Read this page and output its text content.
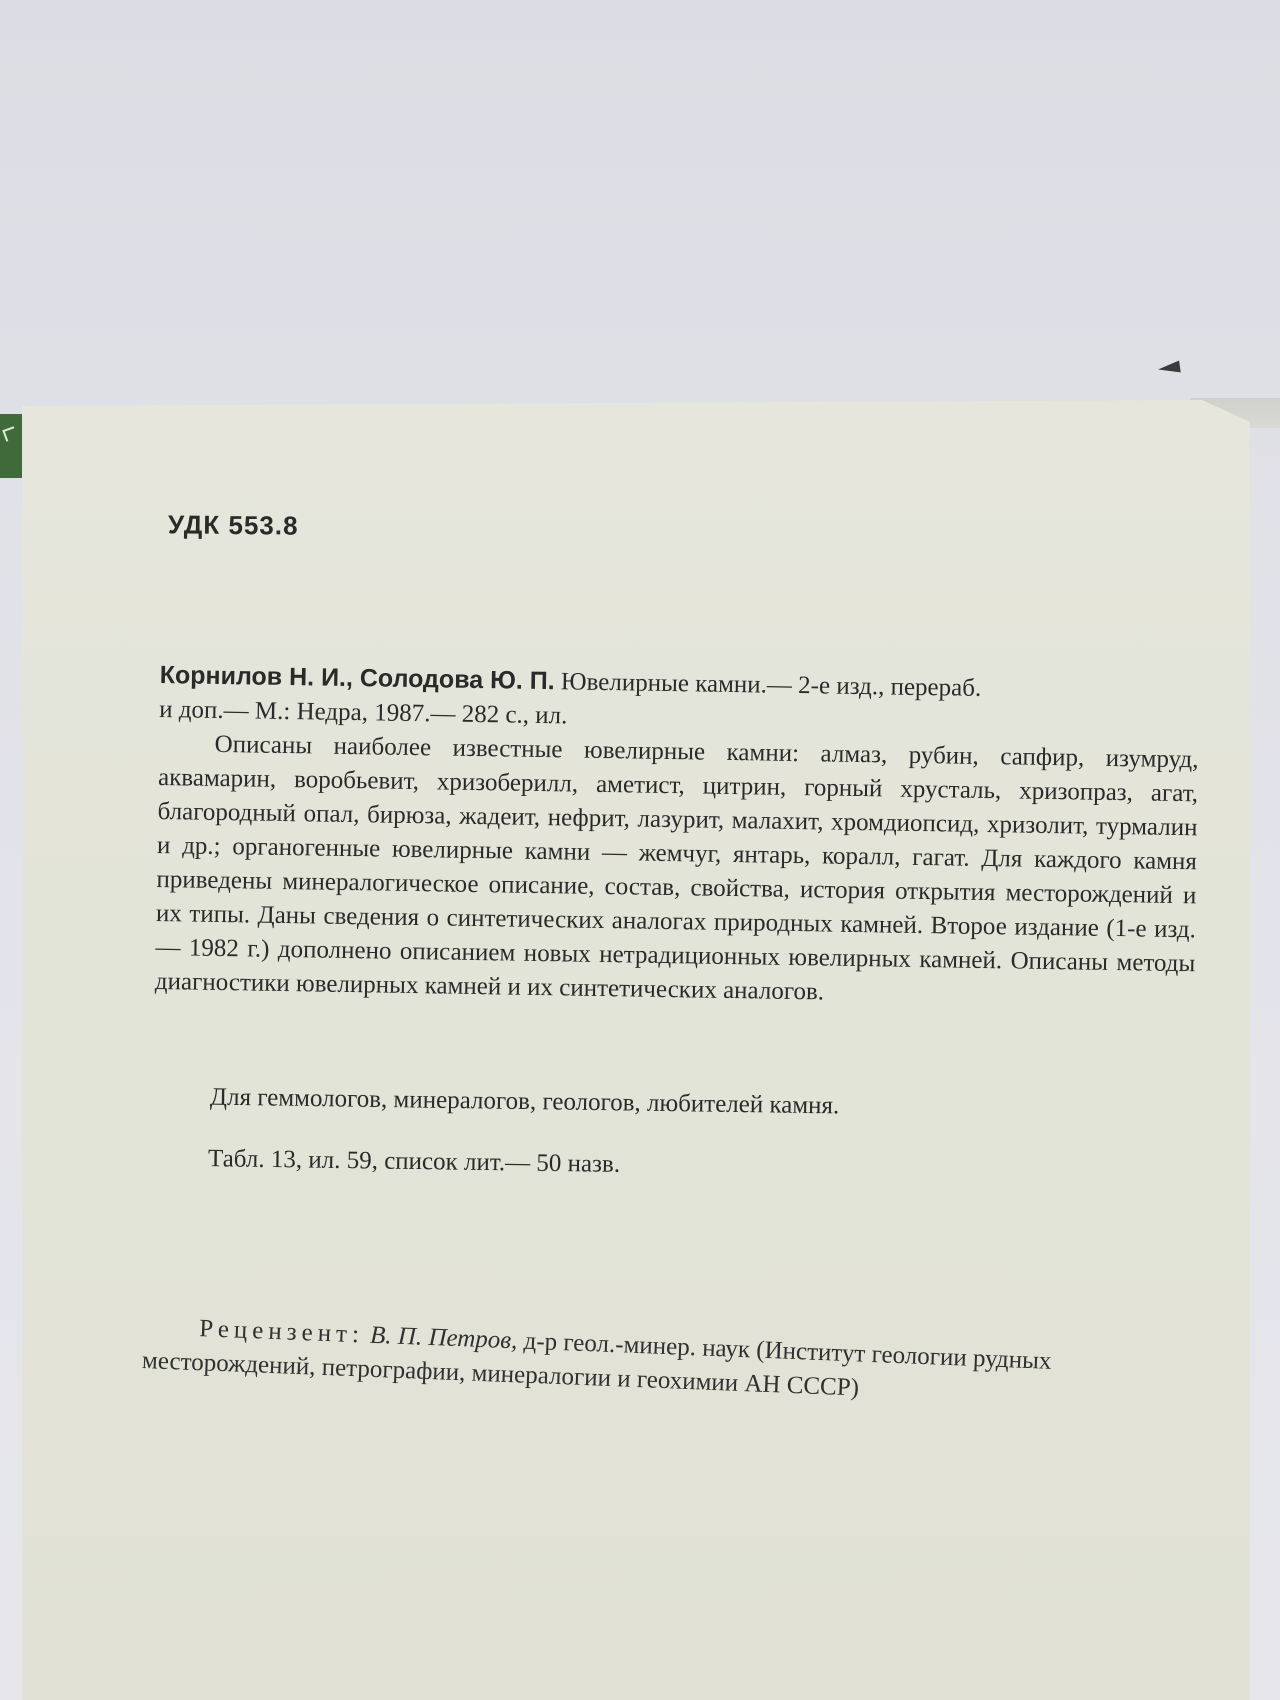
УДК 553.8

Корнилов Н. И., Солодова Ю. П. Ювелирные камни.— 2-е изд., перераб.

и доп.— М.: Недра, 1987.— 282 с., ил.

Описаны наиболее известные ювелирные камни: алмаз, рубин, сапфир, изумруд, аквамарин, воробьевит, хризоберилл, аметист, цитрин, горный хрусталь, хризопраз, агат, благородный опал, бирюза, жадеит, нефрит, лазурит, малахит, хромдиопсид, хризолит, турмалин и др.; органогенные ювелирные камни — жемчуг, янтарь, коралл, гагат. Для каждого камня приведены минералогическое описание, состав, свойства, история открытия месторождений и их типы. Даны сведения о синтетических аналогах природных камней. Второе издание (1-е изд.— 1982 г.) дополнено описанием новых нетрадиционных ювелирных камней. Описаны методы диагностики ювелирных камней и их синтетических аналогов.

Для геммологов, минералогов, геологов, любителей камня.
Табл. 13, ил. 59, список лит.— 50 назв.
Рецензент: В. П. Петров, д-р геол.-минер. наук (Институт геологии рудных месторождений, петрографии, минералогии и геохимии АН СССР)
